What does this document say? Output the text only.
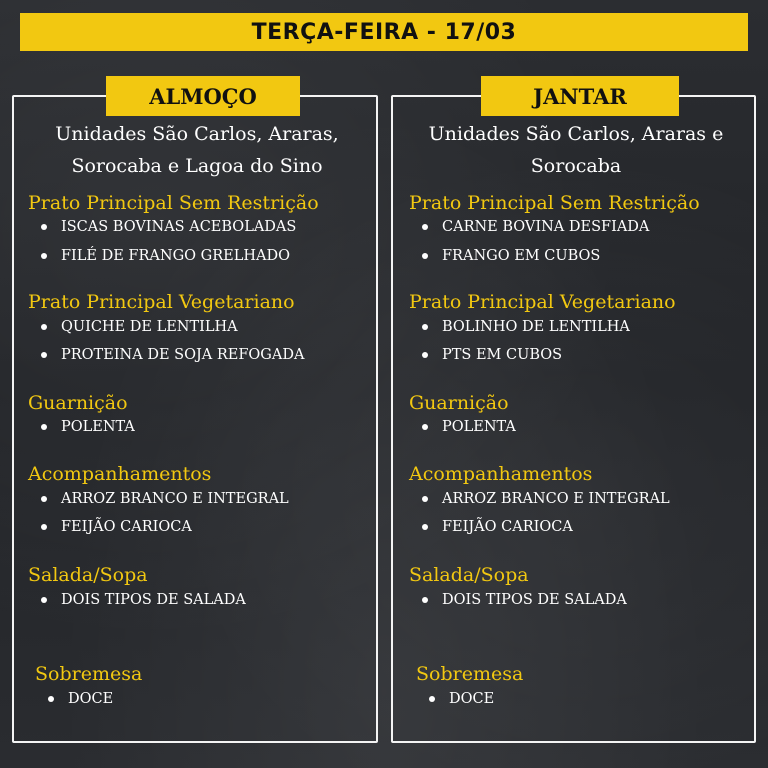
TERÇA-FEIRA - 17/03
ALMOÇO	JANTAR
Unidades São Carlos, Araras,
Sorocaba e Lagoa do Sino
Prato Principal Sem Restrição
ISCAS BOVINAS ACEBOLADAS
FILÉ DE FRANGO GRELHADO
Prato Principal Vegetariano
QUICHE DE LENTILHA
PROTEINA DE SOJA REFOGADA
Guarnição
POLENTA
Acompanhamentos
ARROZ BRANCO E INTEGRAL
FEIJÃO CARIOCA
Salada/Sopa
DOIS TIPOS DE SALADA
Sobremesa
DOCE
Unidades São Carlos, Araras e
Sorocaba
Prato Principal Sem Restrição
CARNE BOVINA DESFIADA
FRANGO EM CUBOS
Prato Principal Vegetariano
BOLINHO DE LENTILHA
PTS EM CUBOS
Guarnição
POLENTA
Acompanhamentos
ARROZ BRANCO E INTEGRAL
FEIJÃO CARIOCA
Salada/Sopa
DOIS TIPOS DE SALADA
Sobremesa
DOCE
